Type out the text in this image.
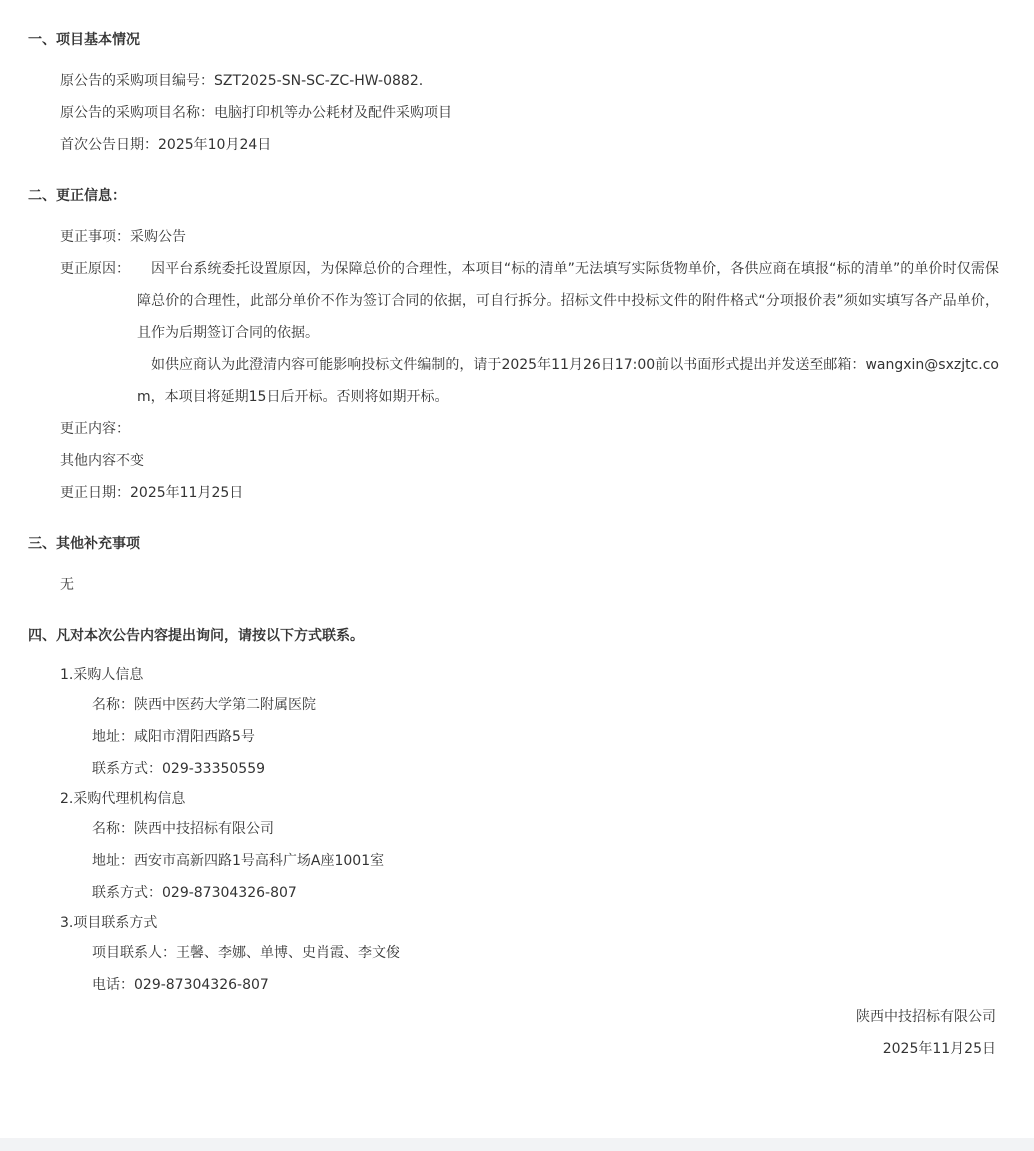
一、项目基本情况
原公告的采购项目编号：SZT2025-SN-SC-ZC-HW-0882.
原公告的采购项目名称：电脑打印机等办公耗材及配件采购项目
首次公告日期：2025年10月24日
二、更正信息：
更正事项：采购公告
更正原因：	因平台系统委托设置原因，为保障总价的合理性，本项目“标的清单”无法填写实际货物单价，各供应商在填报“标的清单”的单价时仅需保障总价的合理性，此部分单价不作为签订合同的依据，可自行拆分。招标文件中投标文件的附件格式“分项报价表”须如实填写各产品单价，且作为后期签订合同的依据。

如供应商认为此澄清内容可能影响投标文件编制的，请于2025年11月26日17:00前以书面形式提出并发送至邮箱：wangxin@sxzjtc.com，本项目将延期15日后开标。否则将如期开标。

更正内容：
其他内容不变
更正日期：2025年11月25日
三、其他补充事项
无
四、凡对本次公告内容提出询问，请按以下方式联系。
1.采购人信息
名称：陕西中医药大学第二附属医院
地址：咸阳市渭阳西路5号
联系方式：029-33350559
2.采购代理机构信息
名称：陕西中技招标有限公司
地址：西安市高新四路1号高科广场A座1001室
联系方式：029-87304326-807
3.项目联系方式
项目联系人：王馨、李娜、单博、史肖霞、李文俊
电话：029-87304326-807
陕西中技招标有限公司
2025年11月25日
